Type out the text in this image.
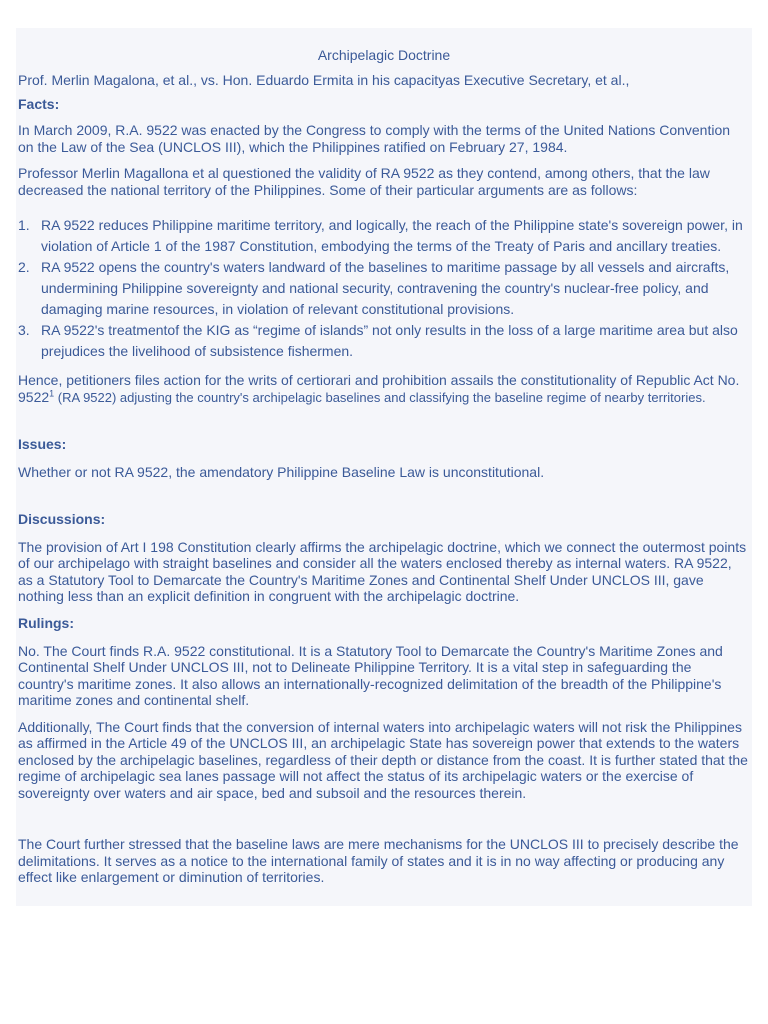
Archipelagic Doctrine
Prof. Merlin Magalona, et al., vs. Hon. Eduardo Ermita in his capacityas Executive Secretary, et al.,
Facts:
In March 2009, R.A. 9522 was enacted by the Congress to comply with the terms of the United Nations Convention on the Law of the Sea (UNCLOS III), which the Philippines ratified on February 27, 1984.
Professor Merlin Magallona et al questioned the validity of RA 9522 as they contend, among others, that the law decreased the national territory of the Philippines. Some of their particular arguments are as follows:
1. RA 9522 reduces Philippine maritime territory, and logically, the reach of the Philippine state's sovereign power, in violation of Article 1 of the 1987 Constitution, embodying the terms of the Treaty of Paris and ancillary treaties.
2. RA 9522 opens the country's waters landward of the baselines to maritime passage by all vessels and aircrafts, undermining Philippine sovereignty and national security, contravening the country's nuclear-free policy, and damaging marine resources, in violation of relevant constitutional provisions.
3. RA 9522's treatmentof the KIG as “regime of islands” not only results in the loss of a large maritime area but also prejudices the livelihood of subsistence fishermen.
Hence, petitioners files action for the writs of certiorari and prohibition assails the constitutionality of Republic Act No. 9522$^1$ (RA 9522) adjusting the country's archipelagic baselines and classifying the baseline regime of nearby territories.
Issues:
Whether or not RA 9522, the amendatory Philippine Baseline Law is unconstitutional.
Discussions:
The provision of Art I 198 Constitution clearly affirms the archipelagic doctrine, which we connect the outermost points of our archipelago with straight baselines and consider all the waters enclosed thereby as internal waters. RA 9522, as a Statutory Tool to Demarcate the Country's Maritime Zones and Continental Shelf Under UNCLOS III, gave nothing less than an explicit definition in congruent with the archipelagic doctrine.
Rulings:
No. The Court finds R.A. 9522 constitutional. It is a Statutory Tool to Demarcate the Country's Maritime Zones and Continental Shelf Under UNCLOS III, not to Delineate Philippine Territory. It is a vital step in safeguarding the country's maritime zones. It also allows an internationally-recognized delimitation of the breadth of the Philippine's maritime zones and continental shelf.
Additionally, The Court finds that the conversion of internal waters into archipelagic waters will not risk the Philippines as affirmed in the Article 49 of the UNCLOS III, an archipelagic State has sovereign power that extends to the waters enclosed by the archipelagic baselines, regardless of their depth or distance from the coast. It is further stated that the regime of archipelagic sea lanes passage will not affect the status of its archipelagic waters or the exercise of sovereignty over waters and air space, bed and subsoil and the resources therein.
The Court further stressed that the baseline laws are mere mechanisms for the UNCLOS III to precisely describe the delimitations. It serves as a notice to the international family of states and it is in no way affecting or producing any effect like enlargement or diminution of territories.
